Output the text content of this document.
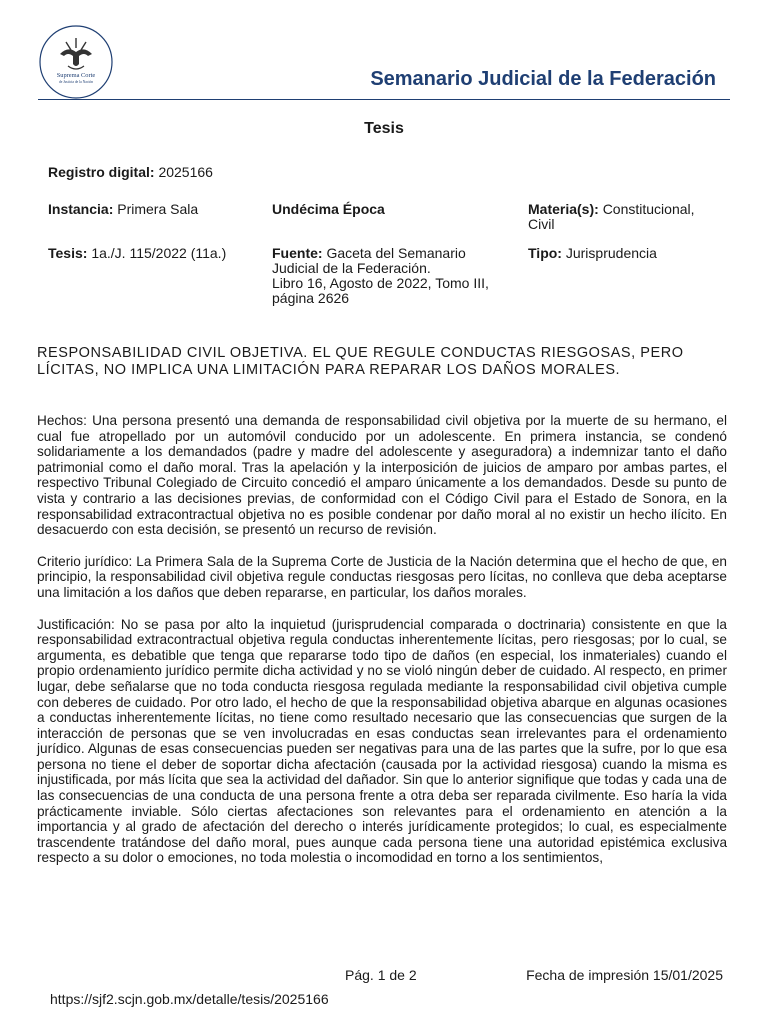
Suprema Corte
de Justicia de la Nación	Semanario Judicial de la Federación
Tesis
Registro digital: 2025166
Instancia: Primera Sala	Undécima Época	Materia(s): Constitucional,
Civil
Tesis: 1a./J. 115/2022 (11a.)	Fuente: Gaceta del Semanario
Judicial de la Federación.
Libro 16, Agosto de 2022, Tomo III,
página 2626
Tipo: Jurisprudencia
RESPONSABILIDAD CIVIL OBJETIVA. EL QUE REGULE CONDUCTAS RIESGOSAS, PERO LÍCITAS, NO IMPLICA UNA LIMITACIÓN PARA REPARAR LOS DAÑOS MORALES.

Hechos: Una persona presentó una demanda de responsabilidad civil objetiva por la muerte de su hermano, el cual fue atropellado por un automóvil conducido por un adolescente. En primera instancia, se condenó solidariamente a los demandados (padre y madre del adolescente y aseguradora) a indemnizar tanto el daño patrimonial como el daño moral. Tras la apelación y la interposición de juicios de amparo por ambas partes, el respectivo Tribunal Colegiado de Circuito concedió el amparo únicamente a los demandados. Desde su punto de vista y contrario a las decisiones previas, de conformidad con el Código Civil para el Estado de Sonora, en la responsabilidad extracontractual objetiva no es posible condenar por daño moral al no existir un hecho ilícito. En desacuerdo con esta decisión, se presentó un recurso de revisión.

Criterio jurídico: La Primera Sala de la Suprema Corte de Justicia de la Nación determina que el hecho de que, en principio, la responsabilidad civil objetiva regule conductas riesgosas pero lícitas, no conlleva que deba aceptarse una limitación a los daños que deben repararse, en particular, los daños morales.

Justificación: No se pasa por alto la inquietud (jurisprudencial comparada o doctrinaria) consistente en que la responsabilidad extracontractual objetiva regula conductas inherentemente lícitas, pero riesgosas; por lo cual, se argumenta, es debatible que tenga que repararse todo tipo de daños (en especial, los inmateriales) cuando el propio ordenamiento jurídico permite dicha actividad y no se violó ningún deber de cuidado. Al respecto, en primer lugar, debe señalarse que no toda conducta riesgosa regulada mediante la responsabilidad civil objetiva cumple con deberes de cuidado. Por otro lado, el hecho de que la responsabilidad objetiva abarque en algunas ocasiones a conductas inherentemente lícitas, no tiene como resultado necesario que las consecuencias que surgen de la interacción de personas que se ven involucradas en esas conductas sean irrelevantes para el ordenamiento jurídico. Algunas de esas consecuencias pueden ser negativas para una de las partes que la sufre, por lo que esa persona no tiene el deber de soportar dicha afectación (causada por la actividad riesgosa) cuando la misma es injustificada, por más lícita que sea la actividad del dañador. Sin que lo anterior signifique que todas y cada una de las consecuencias de una conducta de una persona frente a otra deba ser reparada civilmente. Eso haría la vida prácticamente inviable. Sólo ciertas afectaciones son relevantes para el ordenamiento en atención a la importancia y al grado de afectación del derecho o interés jurídicamente protegidos; lo cual, es especialmente trascendente tratándose del daño moral, pues aunque cada persona tiene una autoridad epistémica exclusiva respecto a su dolor o emociones, no toda molestia o incomodidad en torno a los sentimientos,

Pág. 1 de 2	Fecha de impresión 15/01/2025
https://sjf2.scjn.gob.mx/detalle/tesis/2025166
